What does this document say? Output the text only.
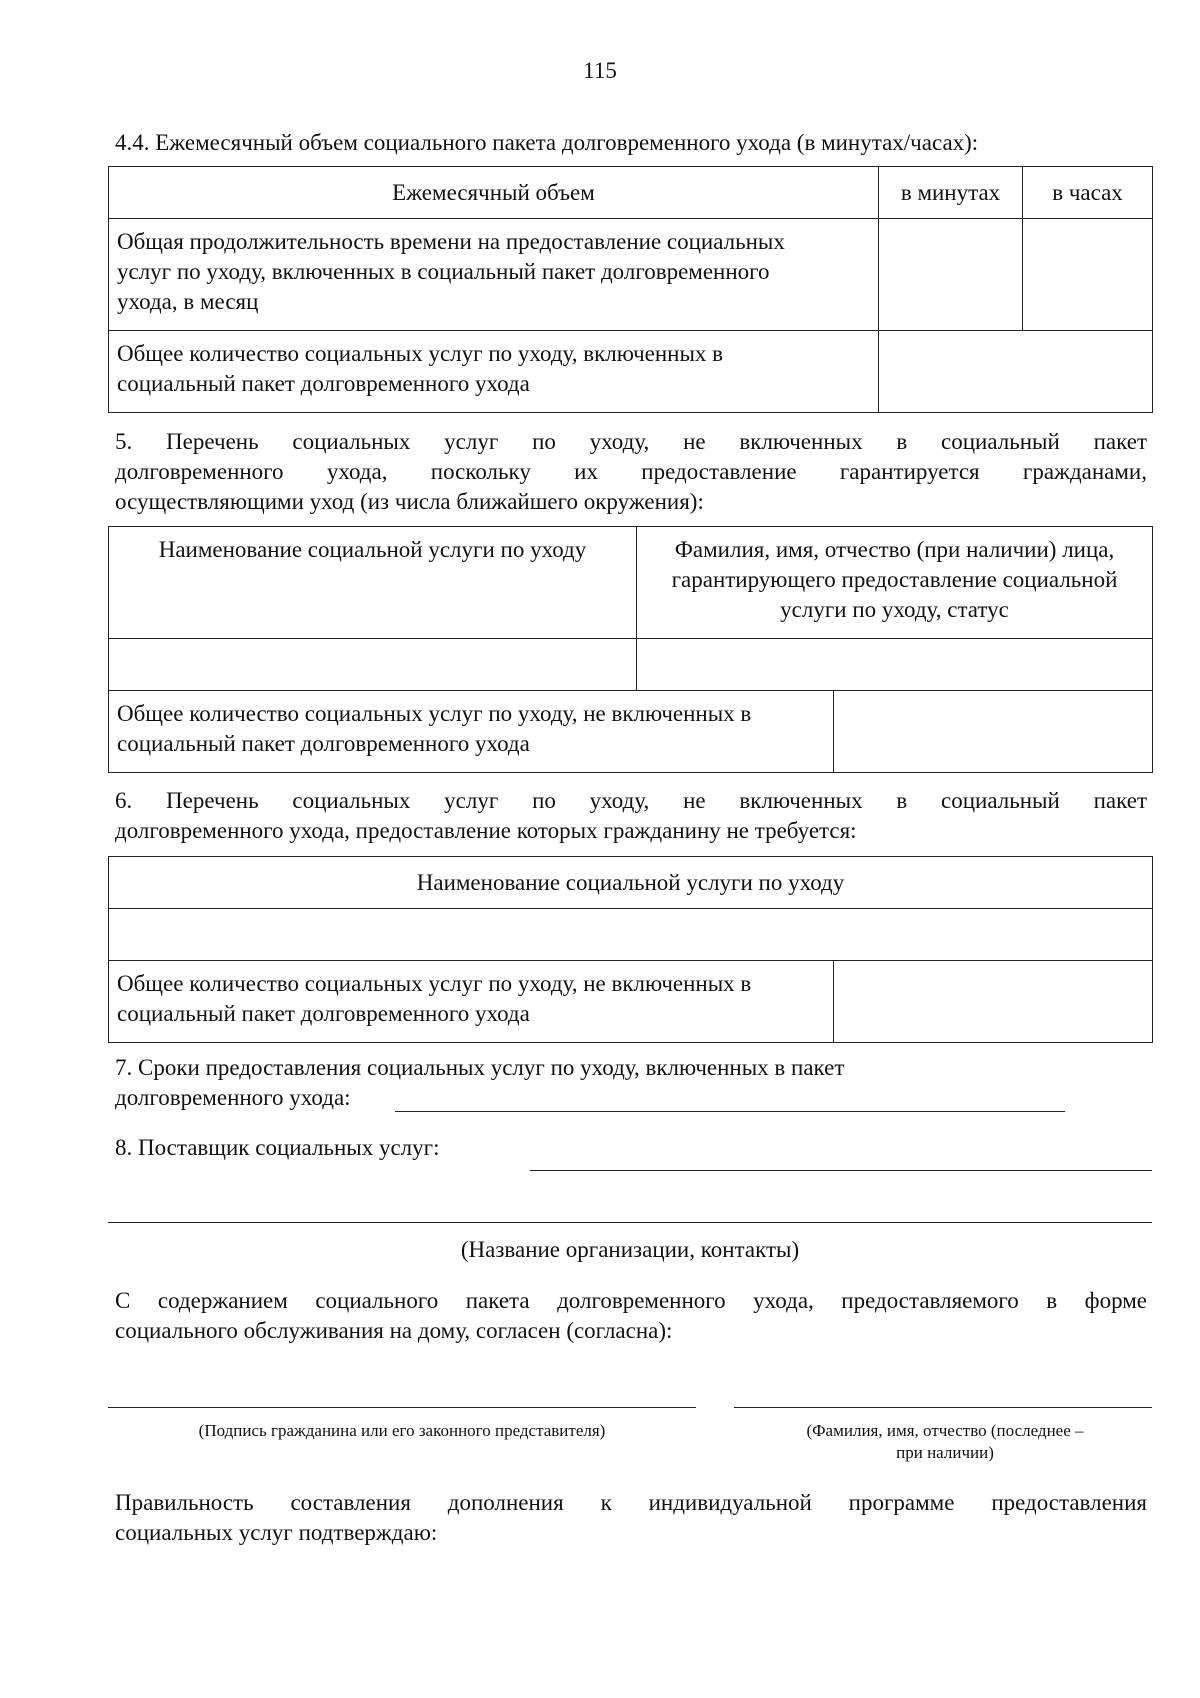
115
4.4. Ежемесячный объем социального пакета долговременного ухода (в минутах/часах):
Ежемесячный объем	в минутах	в часах

Общая продолжительность времени на предоставление социальных услуг по уходу, включенных в социальный пакет долговременного ухода, в месяц		

Общее количество социальных услуг по уходу, включенных в социальный пакет долговременного ухода		

5. Перечень социальных услуг по уходу, не включенных в социальный пакет
долговременного ухода, поскольку их предоставление гарантируется гражданами,
осуществляющими уход (из числа ближайшего окружения):
Наименование социальной услуги по уходу	Фамилия, имя, отчество (при наличии) лица, гарантирующего предоставление социальной услуги по уходу, статус

Общее количество социальных услуг по уходу, не включенных в социальный пакет долговременного ухода

6. Перечень социальных услуг по уходу, не включенных в социальный пакет
долговременного ухода, предоставление которых гражданину не требуется:
Наименование социальной услуги по уходу

Общее количество социальных услуг по уходу, не включенных в социальный пакет долговременного ухода

7. Сроки предоставления социальных услуг по уходу, включенных в пакет
долговременного ухода:
8. Поставщик социальных услуг:
(Название организации, контакты)
С содержанием социального пакета долговременного ухода, предоставляемого в форме
социального обслуживания на дому, согласен (согласна):
(Подпись гражданина или его законного представителя)	(Фамилия, имя, отчество (последнее –
при наличии)
Правильность составления дополнения к индивидуальной программе предоставления
социальных услуг подтверждаю:
